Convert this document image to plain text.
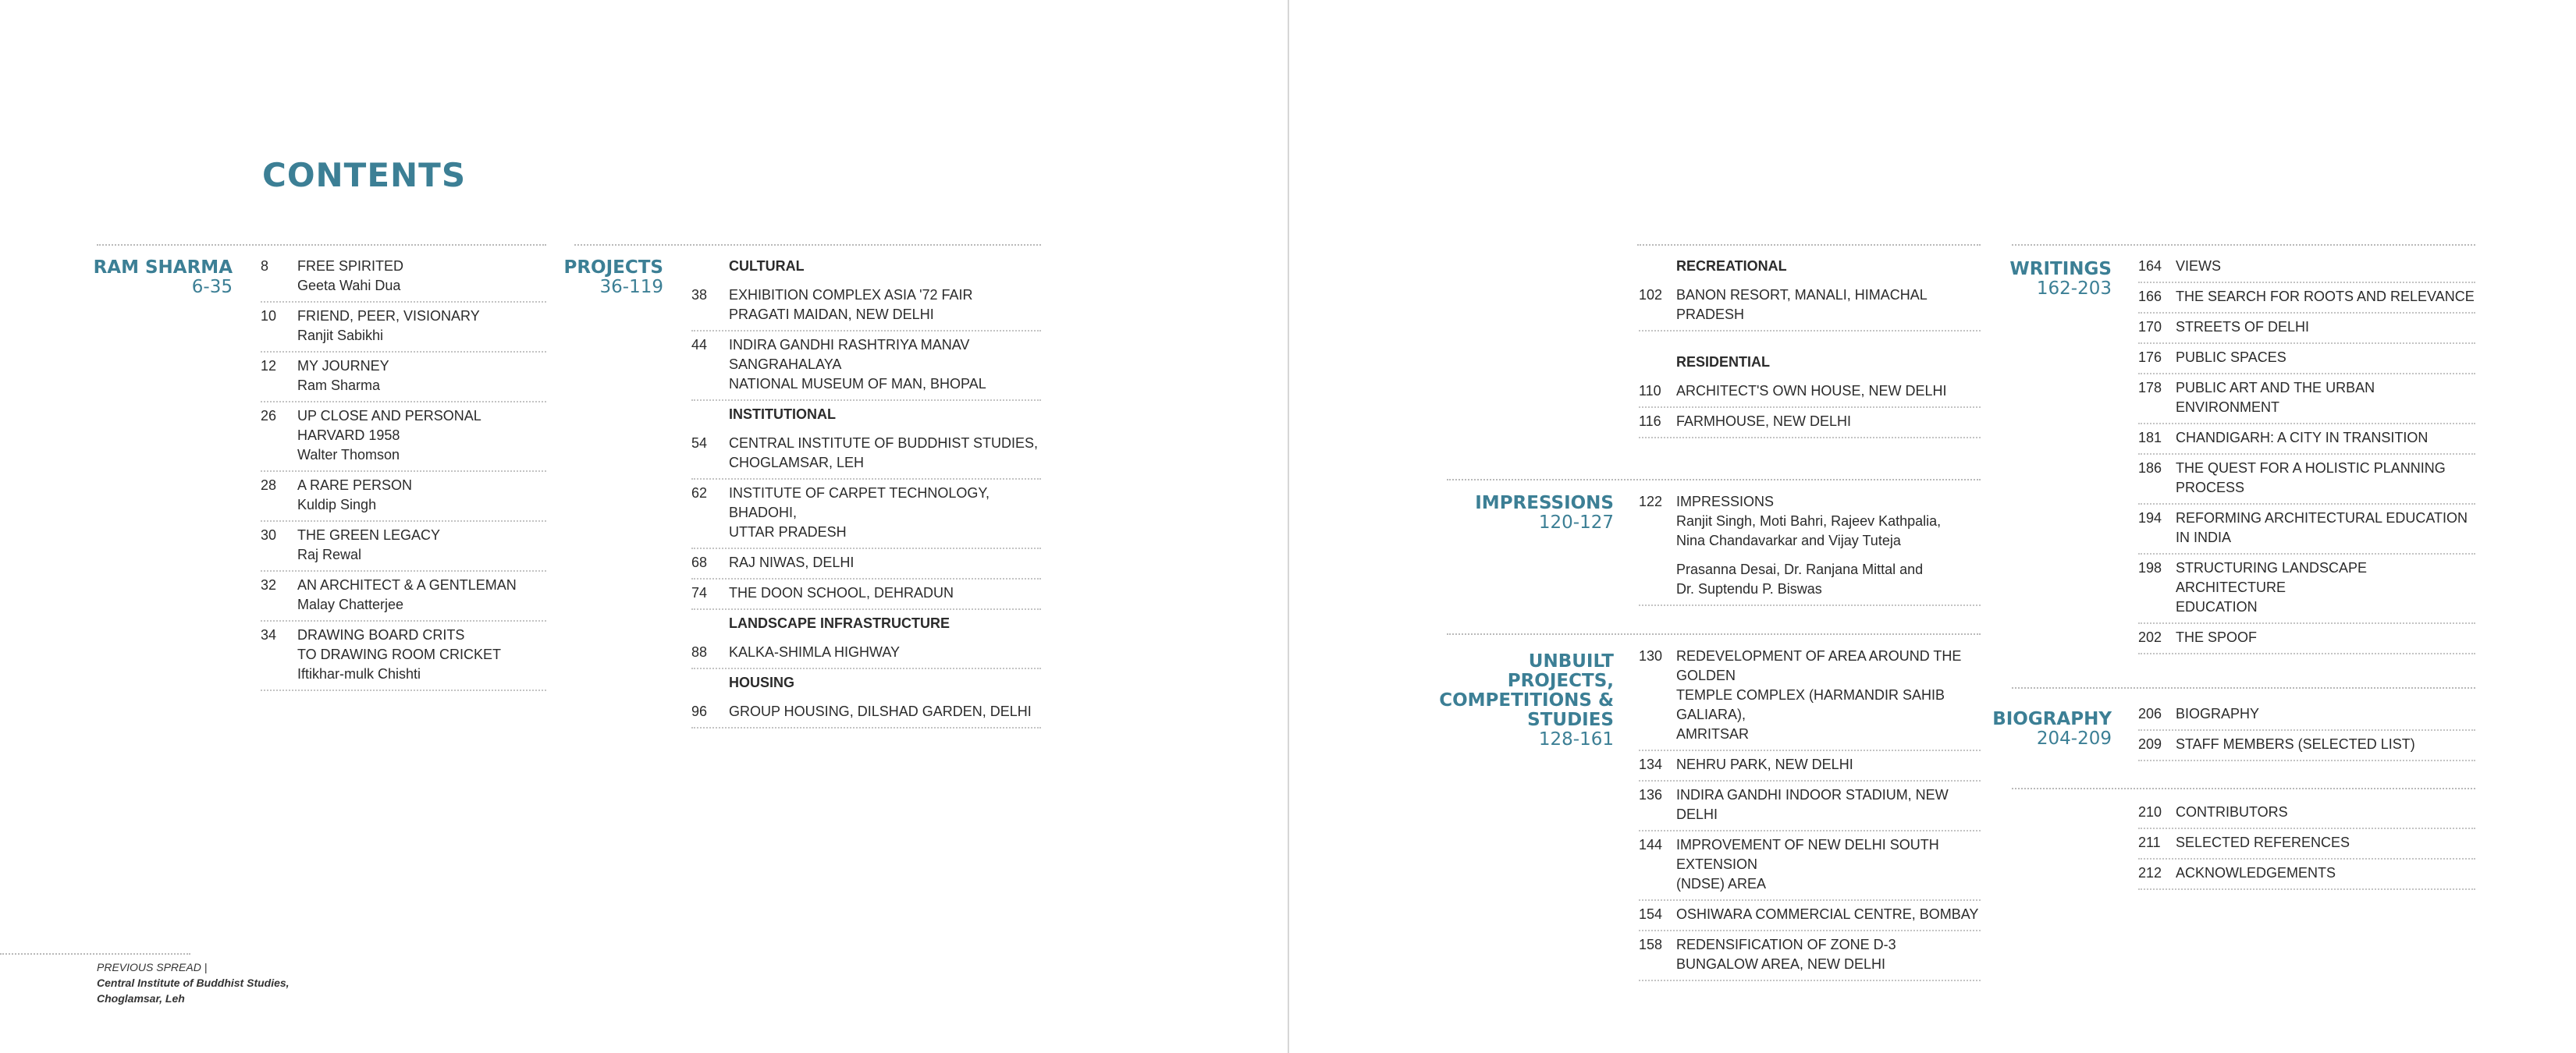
CONTENTS
RAM SHARMA
6-35
PROJECTS
36-119
IMPRESSIONS
120-127
UNBUILT PROJECTS, COMPETITIONS & STUDIES
128-161
WRITINGS
162-203
BIOGRAPHY
204-209
8	FREE SPIRITED
Geeta Wahi Dua
10	FRIEND, PEER, VISIONARY
Ranjit Sabikhi
12	MY JOURNEY
Ram Sharma
26	UP CLOSE AND PERSONAL
HARVARD 1958
Walter Thomson
28	A RARE PERSON
Kuldip Singh
30	THE GREEN LEGACY
Raj Rewal
32	AN ARCHITECT & A GENTLEMAN
Malay Chatterjee
34	DRAWING BOARD CRITS
TO DRAWING ROOM CRICKET
Iftikhar-mulk Chishti
CULTURAL
38	EXHIBITION COMPLEX ASIA '72 FAIR
PRAGATI MAIDAN, NEW DELHI
44	INDIRA GANDHI RASHTRIYA MANAV SANGRAHALAYA
NATIONAL MUSEUM OF MAN, BHOPAL
INSTITUTIONAL
54	CENTRAL INSTITUTE OF BUDDHIST STUDIES,
CHOGLAMSAR, LEH
62	INSTITUTE OF CARPET TECHNOLOGY, BHADOHI,
UTTAR PRADESH
68	RAJ NIWAS, DELHI
74	THE DOON SCHOOL, DEHRADUN
LANDSCAPE INFRASTRUCTURE
88	KALKA-SHIMLA HIGHWAY
HOUSING
96	GROUP HOUSING, DILSHAD GARDEN, DELHI
RECREATIONAL
102 BANON RESORT, MANALI, HIMACHAL PRADESH
RESIDENTIAL
110	ARCHITECT'S OWN HOUSE, NEW DELHI
116	FARMHOUSE, NEW DELHI
122 IMPRESSIONS
Ranjit Singh, Moti Bahri, Rajeev Kathpalia,
Nina Chandavarkar and Vijay Tuteja
Prasanna Desai, Dr. Ranjana Mittal and
Dr. Suptendu P. Biswas
130 REDEVELOPMENT OF AREA AROUND THE GOLDEN
TEMPLE COMPLEX (HARMANDIR SAHIB GALIARA),
AMRITSAR
134 NEHRU PARK, NEW DELHI
136 INDIRA GANDHI INDOOR STADIUM, NEW DELHI
144 IMPROVEMENT OF NEW DELHI SOUTH EXTENSION
(NDSE) AREA
154 OSHIWARA COMMERCIAL CENTRE, BOMBAY
158 REDENSIFICATION OF ZONE D-3
BUNGALOW AREA, NEW DELHI
164 VIEWS
166 THE SEARCH FOR ROOTS AND RELEVANCE
170 STREETS OF DELHI
176 PUBLIC SPACES
178 PUBLIC ART AND THE URBAN ENVIRONMENT
181 CHANDIGARH: A CITY IN TRANSITION
186 THE QUEST FOR A HOLISTIC PLANNING PROCESS
194 REFORMING ARCHITECTURAL EDUCATION
IN INDIA
198 STRUCTURING LANDSCAPE ARCHITECTURE
EDUCATION
202 THE SPOOF
206 BIOGRAPHY
209 STAFF MEMBERS (SELECTED LIST)
210 CONTRIBUTORS
211	SELECTED REFERENCES
212 ACKNOWLEDGEMENTS
PREVIOUS SPREAD |
Central Institute of Buddhist Studies,
Choglamsar, Leh
